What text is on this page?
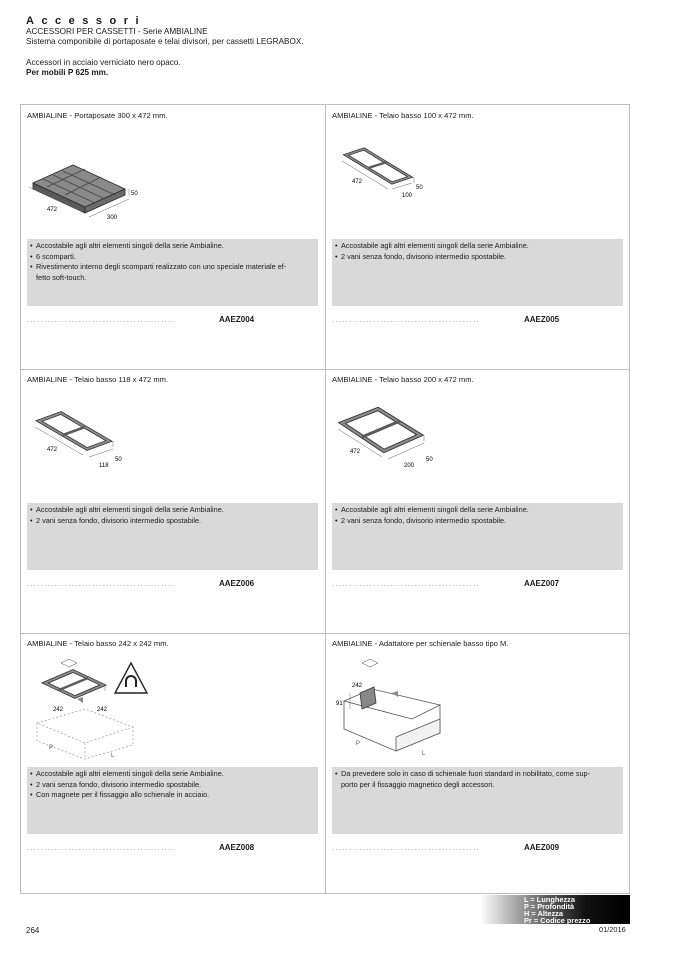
Accessori
ACCESSORI PER CASSETTI - Serie AMBIALINE
Sistema componibile di portaposate e telai divisori, per cassetti LEGRABOX.
Accessori in acciaio verniciato nero opaco.
Per mobili P 625 mm.
AMBIALINE - Portaposate 300 x 472 mm.
472
300
50
• Accostabile agli altri elementi singoli della serie Ambialine.
• 6 scomparti.
• Rivestimento interno degli scomparti realizzato con uno speciale materiale ef-
fetto soft-touch.
...........................................	AAEZ004
AMBIALINE - Telaio basso 100 x 472 mm.
472
100
50
• Accostabile agli altri elementi singoli della serie Ambialine.
• 2 vani senza fondo, divisorio intermedio spostabile.
...........................................	AAEZ005
AMBIALINE - Telaio basso 118 x 472 mm.
472
118
50
• Accostabile agli altri elementi singoli della serie Ambialine.
• 2 vani senza fondo, divisorio intermedio spostabile.
...........................................	AAEZ006
AMBIALINE - Telaio basso 200 x 472 mm.
472
200
50
• Accostabile agli altri elementi singoli della serie Ambialine.
• 2 vani senza fondo, divisorio intermedio spostabile.
...........................................	AAEZ007
AMBIALINE - Telaio basso 242 x 242 mm.
242	242
P
L
• Accostabile agli altri elementi singoli della serie Ambialine.
• 2 vani senza fondo, divisorio intermedio spostabile.
• Con magnete per il fissaggio allo schienale in acciaio.
...........................................	AAEZ008
AMBIALINE - Adattatore per schienale basso tipo M.
91
242
P
L
• Da prevedere solo in caso di schienale fuori standard in nobilitato, come sup-
porto per il fissaggio magnetico degli accessori.
...........................................	AAEZ009
L = Lunghezza
P = Profondità
H = Altezza
Pr = Codice prezzo
264	01/2016
